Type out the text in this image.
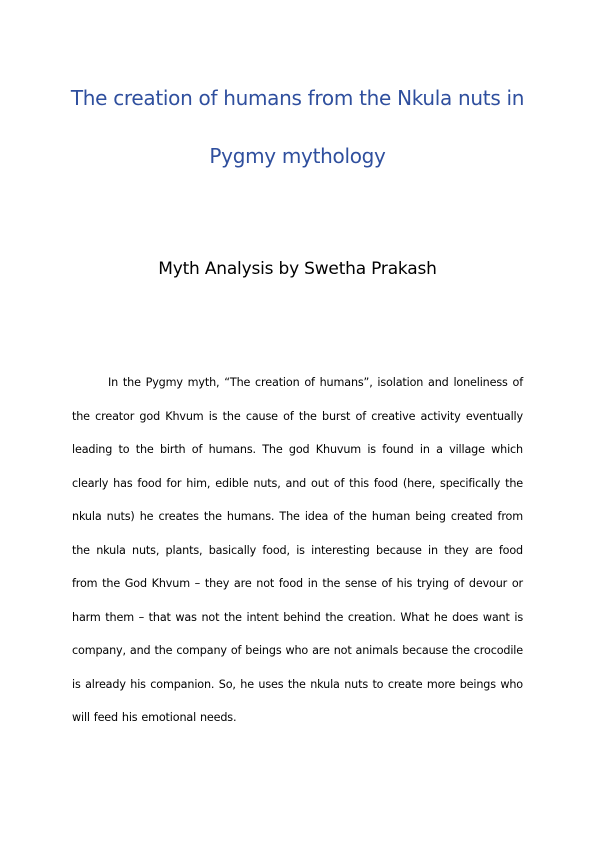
The creation of humans from the Nkula nuts in
Pygmy mythology
Myth Analysis by Swetha Prakash

In the Pygmy myth, “The creation of humans”, isolation and loneliness of the creator god Khvum is the cause of the burst of creative activity eventually leading to the birth of humans. The god Khuvum is found in a village which clearly has food for him, edible nuts, and out of this food (here, specifically the nkula nuts) he creates the humans. The idea of the human being created from the nkula nuts, plants, basically food, is interesting because in they are food from the God Khvum – they are not food in the sense of his trying of devour or harm them – that was not the intent behind the creation. What he does want is company, and the company of beings who are not animals because the crocodile is already his companion. So, he uses the nkula nuts to create more beings who will feed his emotional needs.
